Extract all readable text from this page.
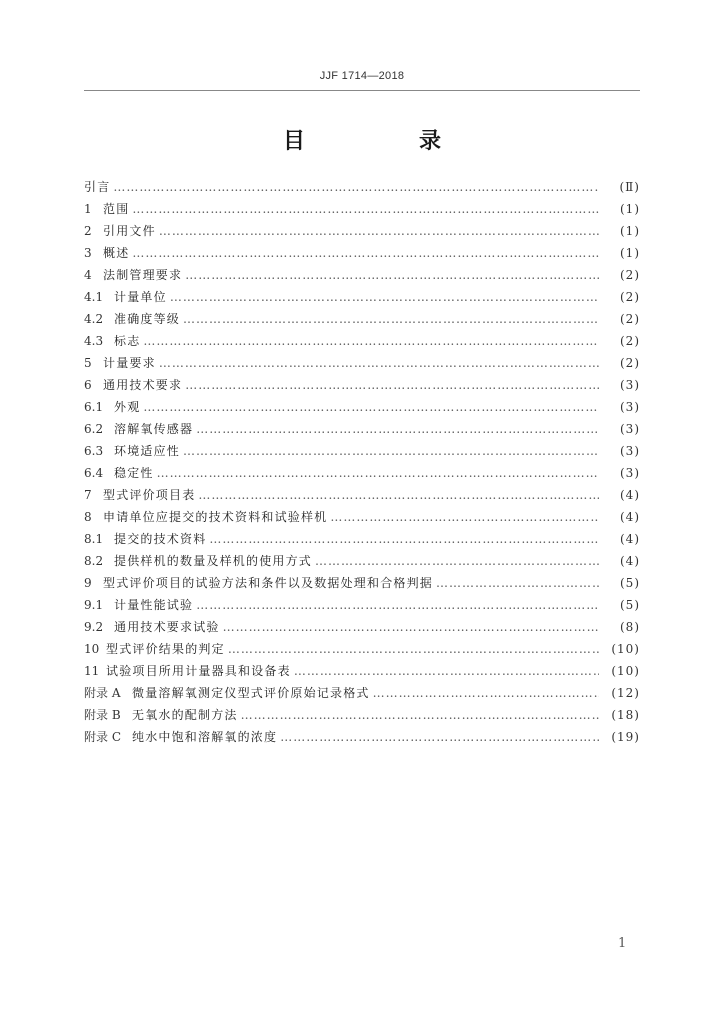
JJF 1714—2018
目　录
引言 ……………………………………………………………………………………………………………………………………………………………………………………………………………………………	(Ⅱ)
1 范围 ……………………………………………………………………………………………………………………………………………………………………………………………………………………………	(1)
2 引用文件 ……………………………………………………………………………………………………………………………………………………………………………………………………………………………	(1)
3 概述 ……………………………………………………………………………………………………………………………………………………………………………………………………………………………	(1)
4 法制管理要求 ……………………………………………………………………………………………………………………………………………………………………………………………………………………………	(2)
4.1 计量单位 ……………………………………………………………………………………………………………………………………………………………………………………………………………………………	(2)
4.2 准确度等级 ……………………………………………………………………………………………………………………………………………………………………………………………………………………………	(2)
4.3 标志 ……………………………………………………………………………………………………………………………………………………………………………………………………………………………	(2)
5 计量要求 ……………………………………………………………………………………………………………………………………………………………………………………………………………………………	(2)
6 通用技术要求 ……………………………………………………………………………………………………………………………………………………………………………………………………………………………	(3)
6.1 外观 ……………………………………………………………………………………………………………………………………………………………………………………………………………………………	(3)
6.2 溶解氧传感器 ……………………………………………………………………………………………………………………………………………………………………………………………………………………………	(3)
6.3 环境适应性 ……………………………………………………………………………………………………………………………………………………………………………………………………………………………	(3)
6.4 稳定性 ……………………………………………………………………………………………………………………………………………………………………………………………………………………………	(3)
7 型式评价项目表 ……………………………………………………………………………………………………………………………………………………………………………………………………………………………	(4)
8 申请单位应提交的技术资料和试验样机 ……………………………………………………………………………………………………………………………………………………………………………………………………………………………	(4)
8.1 提交的技术资料 ……………………………………………………………………………………………………………………………………………………………………………………………………………………………	(4)
8.2 提供样机的数量及样机的使用方式 ……………………………………………………………………………………………………………………………………………………………………………………………………………………………	(4)
9 型式评价项目的试验方法和条件以及数据处理和合格判据 ……………………………………………………………………………………………………………………………………………………………………………………………………………………………	(5)
9.1 计量性能试验 ……………………………………………………………………………………………………………………………………………………………………………………………………………………………	(5)
9.2 通用技术要求试验 ……………………………………………………………………………………………………………………………………………………………………………………………………………………………	(8)
10 型式评价结果的判定 ……………………………………………………………………………………………………………………………………………………………………………………………………………………………	(10)
11 试验项目所用计量器具和设备表 ……………………………………………………………………………………………………………………………………………………………………………………………………………………………	(10)
附录 A 微量溶解氧测定仪型式评价原始记录格式 ……………………………………………………………………………………………………………………………………………………………………………………………………………………………	(12)
附录 B 无氧水的配制方法 ……………………………………………………………………………………………………………………………………………………………………………………………………………………………	(18)
附录 C 纯水中饱和溶解氧的浓度 ……………………………………………………………………………………………………………………………………………………………………………………………………………………………	(19)
1
